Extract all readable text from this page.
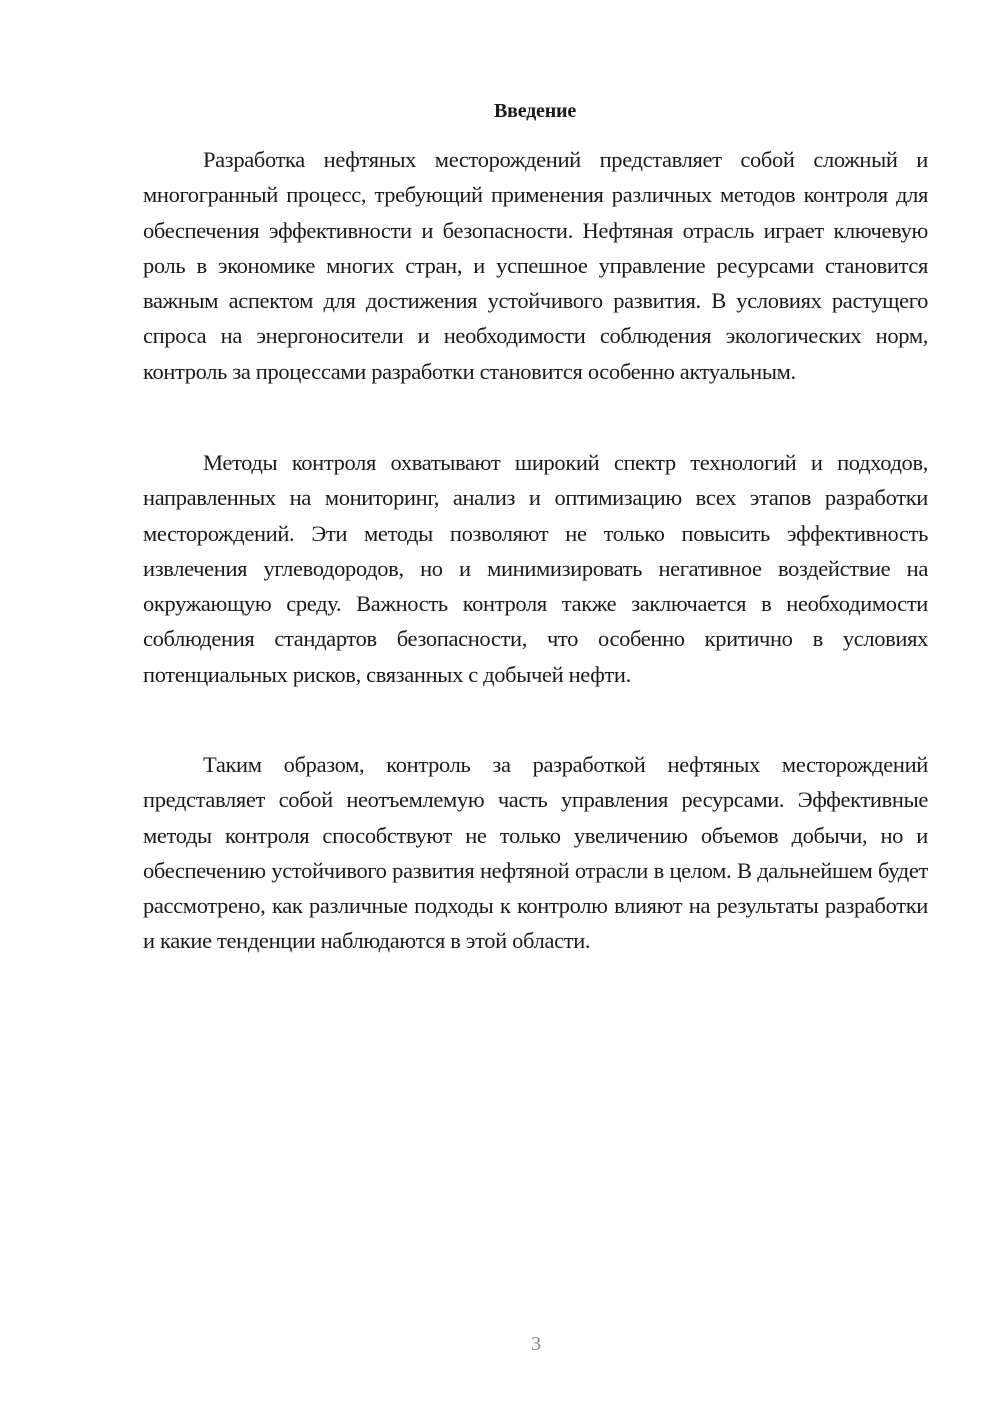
Введение

Разработка нефтяных месторождений представляет собой сложный и многогранный процесс, требующий применения различных методов контроля для обеспечения эффективности и безопасности. Нефтяная отрасль играет ключевую роль в экономике многих стран, и успешное управление ресурсами становится важным аспектом для достижения устойчивого развития. В условиях растущего спроса на энергоносители и необходимости соблюдения экологических норм, контроль за процессами разработки становится особенно актуальным.

Методы контроля охватывают широкий спектр технологий и подходов, направленных на мониторинг, анализ и оптимизацию всех этапов разработки месторождений. Эти методы позволяют не только повысить эффективность извлечения углеводородов, но и минимизировать негативное воздействие на окружающую среду. Важность контроля также заключается в необходимости соблюдения стандартов безопасности, что особенно критично в условиях потенциальных рисков, связанных с добычей нефти.

Таким образом, контроль за разработкой нефтяных месторождений представляет собой неотъемлемую часть управления ресурсами. Эффективные методы контроля способствуют не только увеличению объемов добычи, но и обеспечению устойчивого развития нефтяной отрасли в целом. В дальнейшем будет рассмотрено, как различные подходы к контролю влияют на результаты разработки и какие тенденции наблюдаются в этой области.

3
